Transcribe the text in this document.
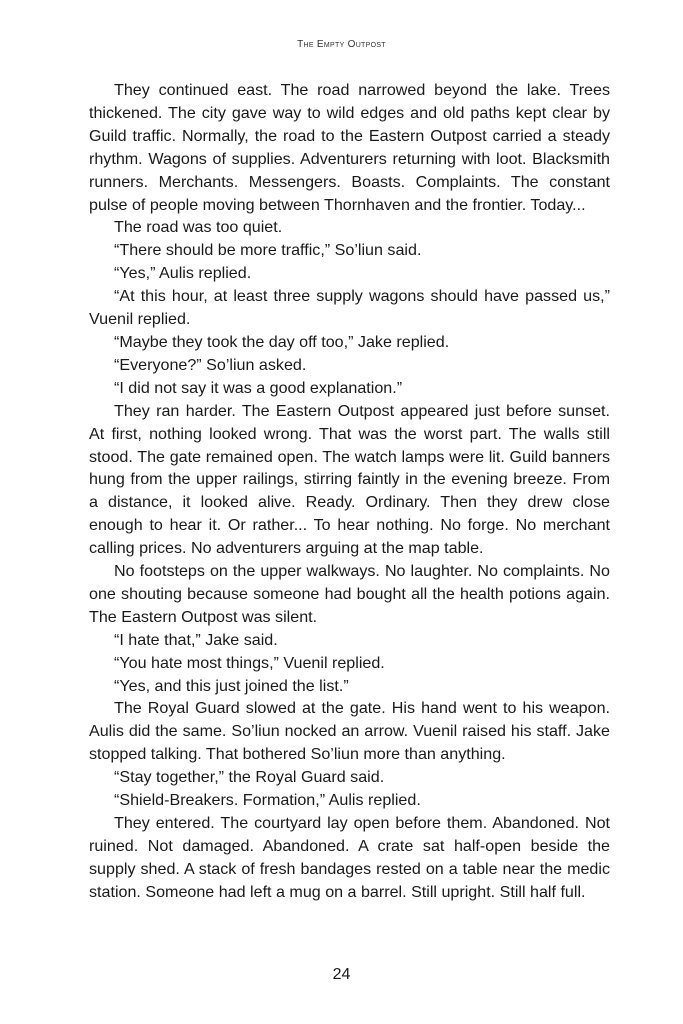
The Empty Outpost

They continued east. The road narrowed beyond the lake. Trees thickened. The city gave way to wild edges and old paths kept clear by Guild traffic. Normally, the road to the Eastern Outpost carried a steady rhythm. Wagons of supplies. Adventurers returning with loot. Blacksmith runners. Merchants. Messengers. Boasts. Complaints. The constant pulse of people moving between Thornhaven and the frontier. Today...

The road was too quiet.

“There should be more traffic,” So’liun said.

“Yes,” Aulis replied.

“At this hour, at least three supply wagons should have passed us,” Vuenil replied.

“Maybe they took the day off too,” Jake replied.

“Everyone?” So’liun asked.

“I did not say it was a good explanation.”

They ran harder. The Eastern Outpost appeared just before sunset. At first, nothing looked wrong. That was the worst part. The walls still stood. The gate remained open. The watch lamps were lit. Guild banners hung from the upper railings, stirring faintly in the evening breeze. From a distance, it looked alive. Ready. Ordinary. Then they drew close enough to hear it. Or rather... To hear nothing. No forge. No merchant calling prices. No adventurers arguing at the map table.

No footsteps on the upper walkways. No laughter. No complaints. No one shouting because someone had bought all the health potions again. The Eastern Outpost was silent.

“I hate that,” Jake said.

“You hate most things,” Vuenil replied.

“Yes, and this just joined the list.”

The Royal Guard slowed at the gate. His hand went to his weapon. Aulis did the same. So’liun nocked an arrow. Vuenil raised his staff. Jake stopped talking. That bothered So’liun more than anything.

“Stay together,” the Royal Guard said.

“Shield-Breakers. Formation,” Aulis replied.

They entered. The courtyard lay open before them. Abandoned. Not ruined. Not damaged. Abandoned. A crate sat half-open beside the supply shed. A stack of fresh bandages rested on a table near the medic station. Someone had left a mug on a barrel. Still upright. Still half full.

24
